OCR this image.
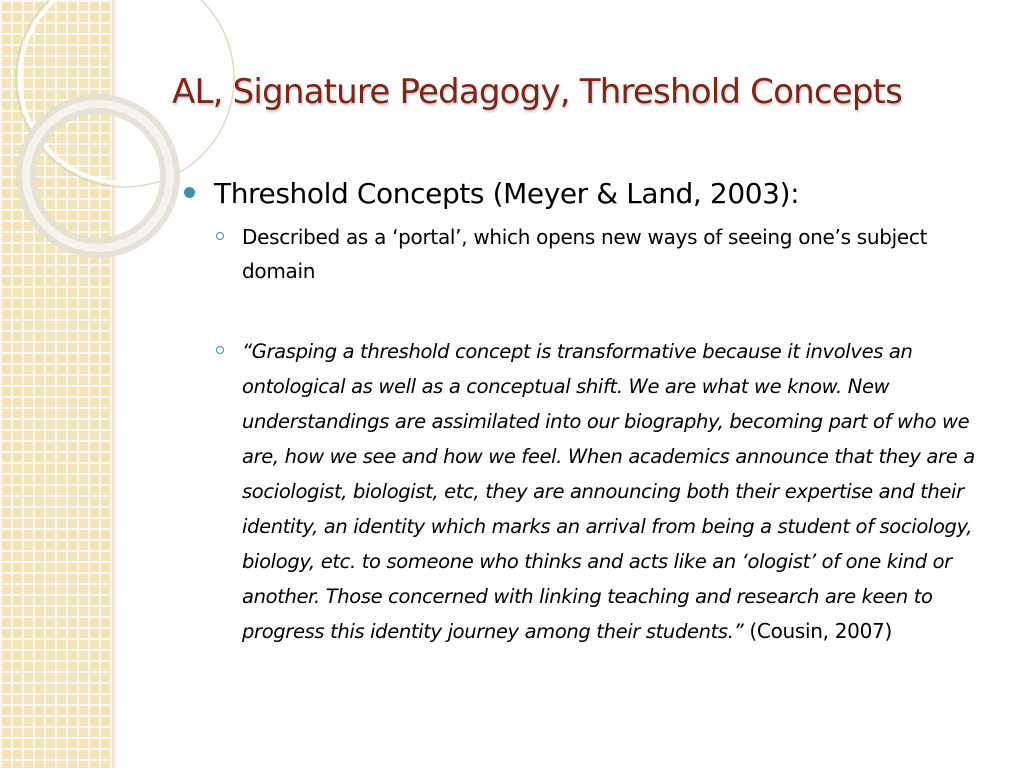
AL, Signature Pedagogy, Threshold Concepts
Threshold Concepts (Meyer & Land, 2003):
Described as a ‘portal’, which opens new ways of seeing one’s subject domain
“Grasping a threshold concept is transformative because it involves an ontological as well as a conceptual shift. We are what we know. New understandings are assimilated into our biography, becoming part of who we are, how we see and how we feel. When academics announce that they are a sociologist, biologist, etc, they are announcing both their expertise and their identity, an identity which marks an arrival from being a student of sociology, biology, etc. to someone who thinks and acts like an ‘ologist’ of one kind or another. Those concerned with linking teaching and research are keen to progress this identity journey among their students.” (Cousin, 2007)
